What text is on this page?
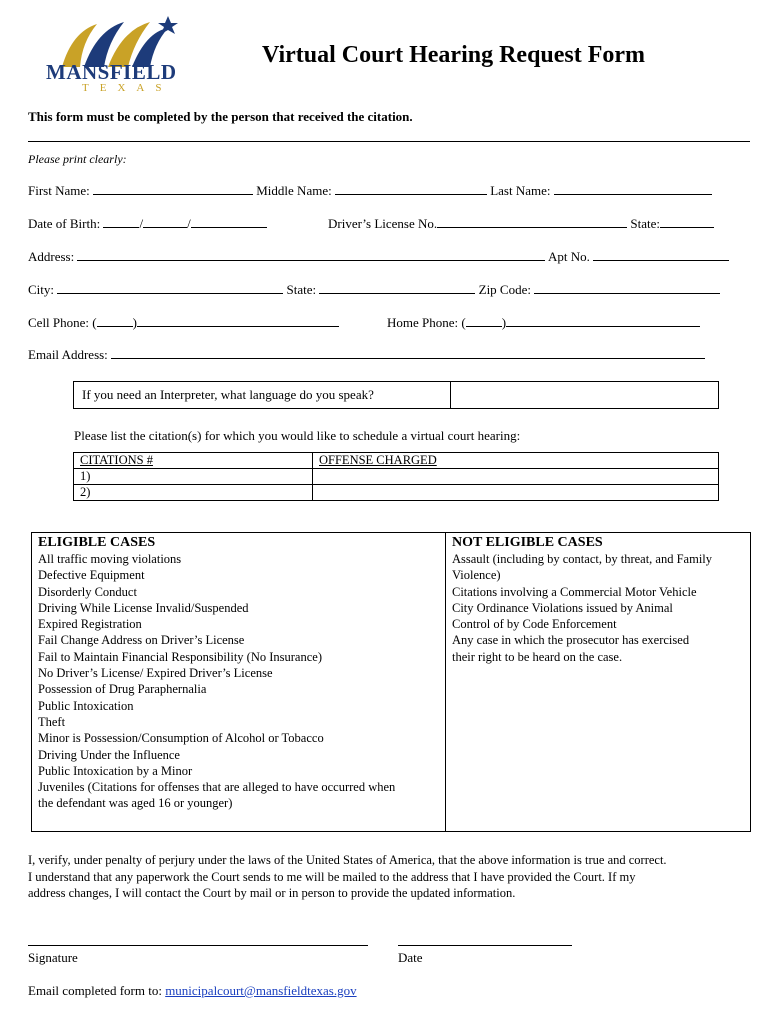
MANSFIELD
TEXAS
Virtual Court Hearing Request Form
This form must be completed by the person that received the citation.
Please print clearly:
First Name:	Middle Name:	Last Name:
Date of Birth:	/	/	Driver’s License No.	State:
Address:	Apt No.
City:	State:	Zip Code:
Cell Phone: (	)	Home Phone: (	)
Email Address:
If you need an Interpreter, what language do you speak?	
Please list the citation(s) for which you would like to schedule a virtual court hearing:
CITATIONS #	OFFENSE CHARGED
1)	
2)	
ELIGIBLE CASES
All traffic moving violations
Defective Equipment
Disorderly Conduct
Driving While License Invalid/Suspended
Expired Registration
Fail Change Address on Driver’s License
Fail to Maintain Financial Responsibility (No Insurance)
No Driver’s License/ Expired Driver’s License
Possession of Drug Paraphernalia
Public Intoxication
Theft
Minor is Possession/Consumption of Alcohol or Tobacco
Driving Under the Influence
Public Intoxication by a Minor
Juveniles (Citations for offenses that are alleged to have occurred when
the defendant was aged 16 or younger)
NOT ELIGIBLE CASES
Assault (including by contact, by threat, and Family
Violence)
Citations involving a Commercial Motor Vehicle
City Ordinance Violations issued by Animal
Control of by Code Enforcement
Any case in which the prosecutor has exercised
their right to be heard on the case.
I, verify, under penalty of perjury under the laws of the United States of America, that the above information is true and correct.
I understand that any paperwork the Court sends to me will be mailed to the address that I have provided the Court. If my
address changes, I will contact the Court by mail or in person to provide the updated information.
Signature	Date
Email completed form to: municipalcourt@mansfieldtexas.gov
